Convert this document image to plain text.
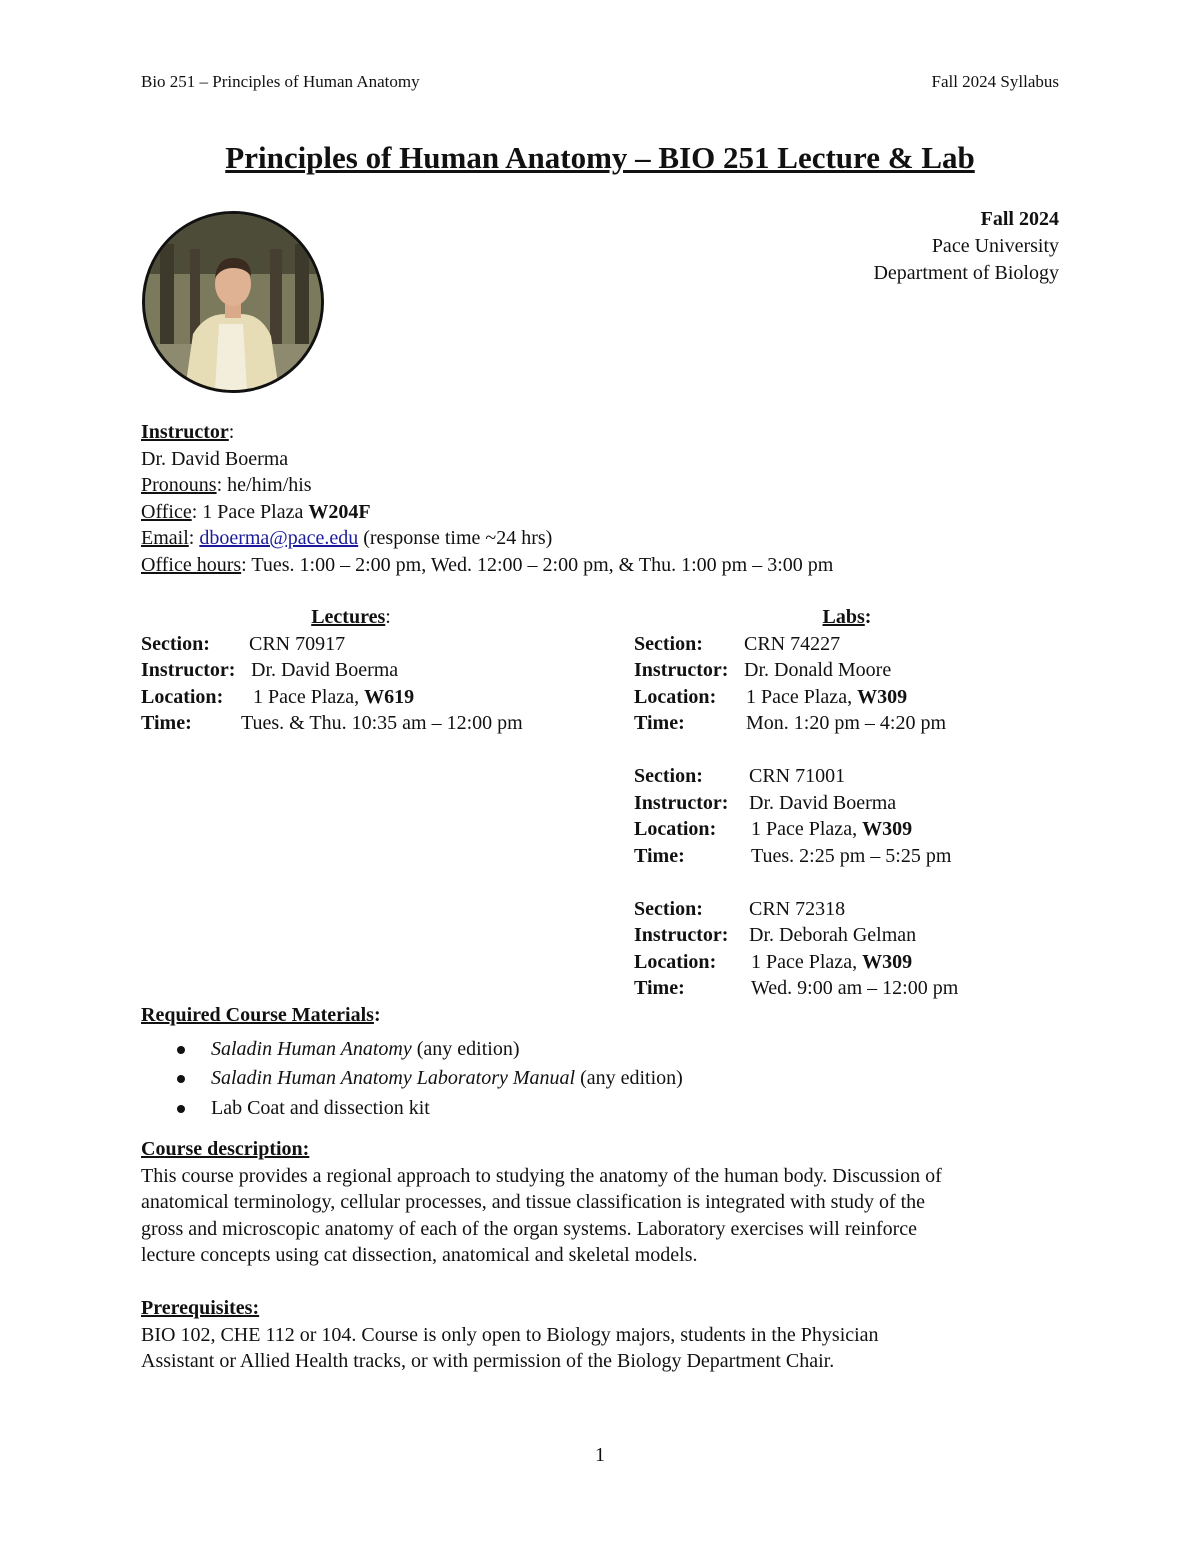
Bio 251 – Principles of Human Anatomy	Fall 2024 Syllabus
Principles of Human Anatomy – BIO 251 Lecture & Lab
Fall 2024
Pace University
Department of Biology
Instructor:
Dr. David Boerma
Pronouns: he/him/his
Office: 1 Pace Plaza W204F
Email: dboerma@pace.edu (response time ~24 hrs)
Office hours: Tues. 1:00 – 2:00 pm, Wed. 12:00 – 2:00 pm, & Thu. 1:00 pm – 3:00 pm
Lectures:
Section: CRN 70917
Instructor: Dr. David Boerma
Location: 1 Pace Plaza, W619
Time: Tues. & Thu. 10:35 am – 12:00 pm
Labs:
Section: CRN 74227
Instructor: Dr. Donald Moore
Location: 1 Pace Plaza, W309
Time:	Mon. 1:20 pm – 4:20 pm
Section: CRN 71001
Instructor: Dr. David Boerma
Location: 1 Pace Plaza, W309
Time:	Tues. 2:25 pm – 5:25 pm
Section: CRN 72318
Instructor: Dr. Deborah Gelman
Location: 1 Pace Plaza, W309
Time:	Wed. 9:00 am – 12:00 pm
Required Course Materials:
Saladin Human Anatomy (any edition)
Saladin Human Anatomy Laboratory Manual (any edition)
Lab Coat and dissection kit
Course description:
This course provides a regional approach to studying the anatomy of the human body. Discussion of
anatomical terminology, cellular processes, and tissue classification is integrated with study of the
gross and microscopic anatomy of each of the organ systems. Laboratory exercises will reinforce
lecture concepts using cat dissection, anatomical and skeletal models.
Prerequisites:
BIO 102, CHE 112 or 104. Course is only open to Biology majors, students in the Physician
Assistant or Allied Health tracks, or with permission of the Biology Department Chair.
1
